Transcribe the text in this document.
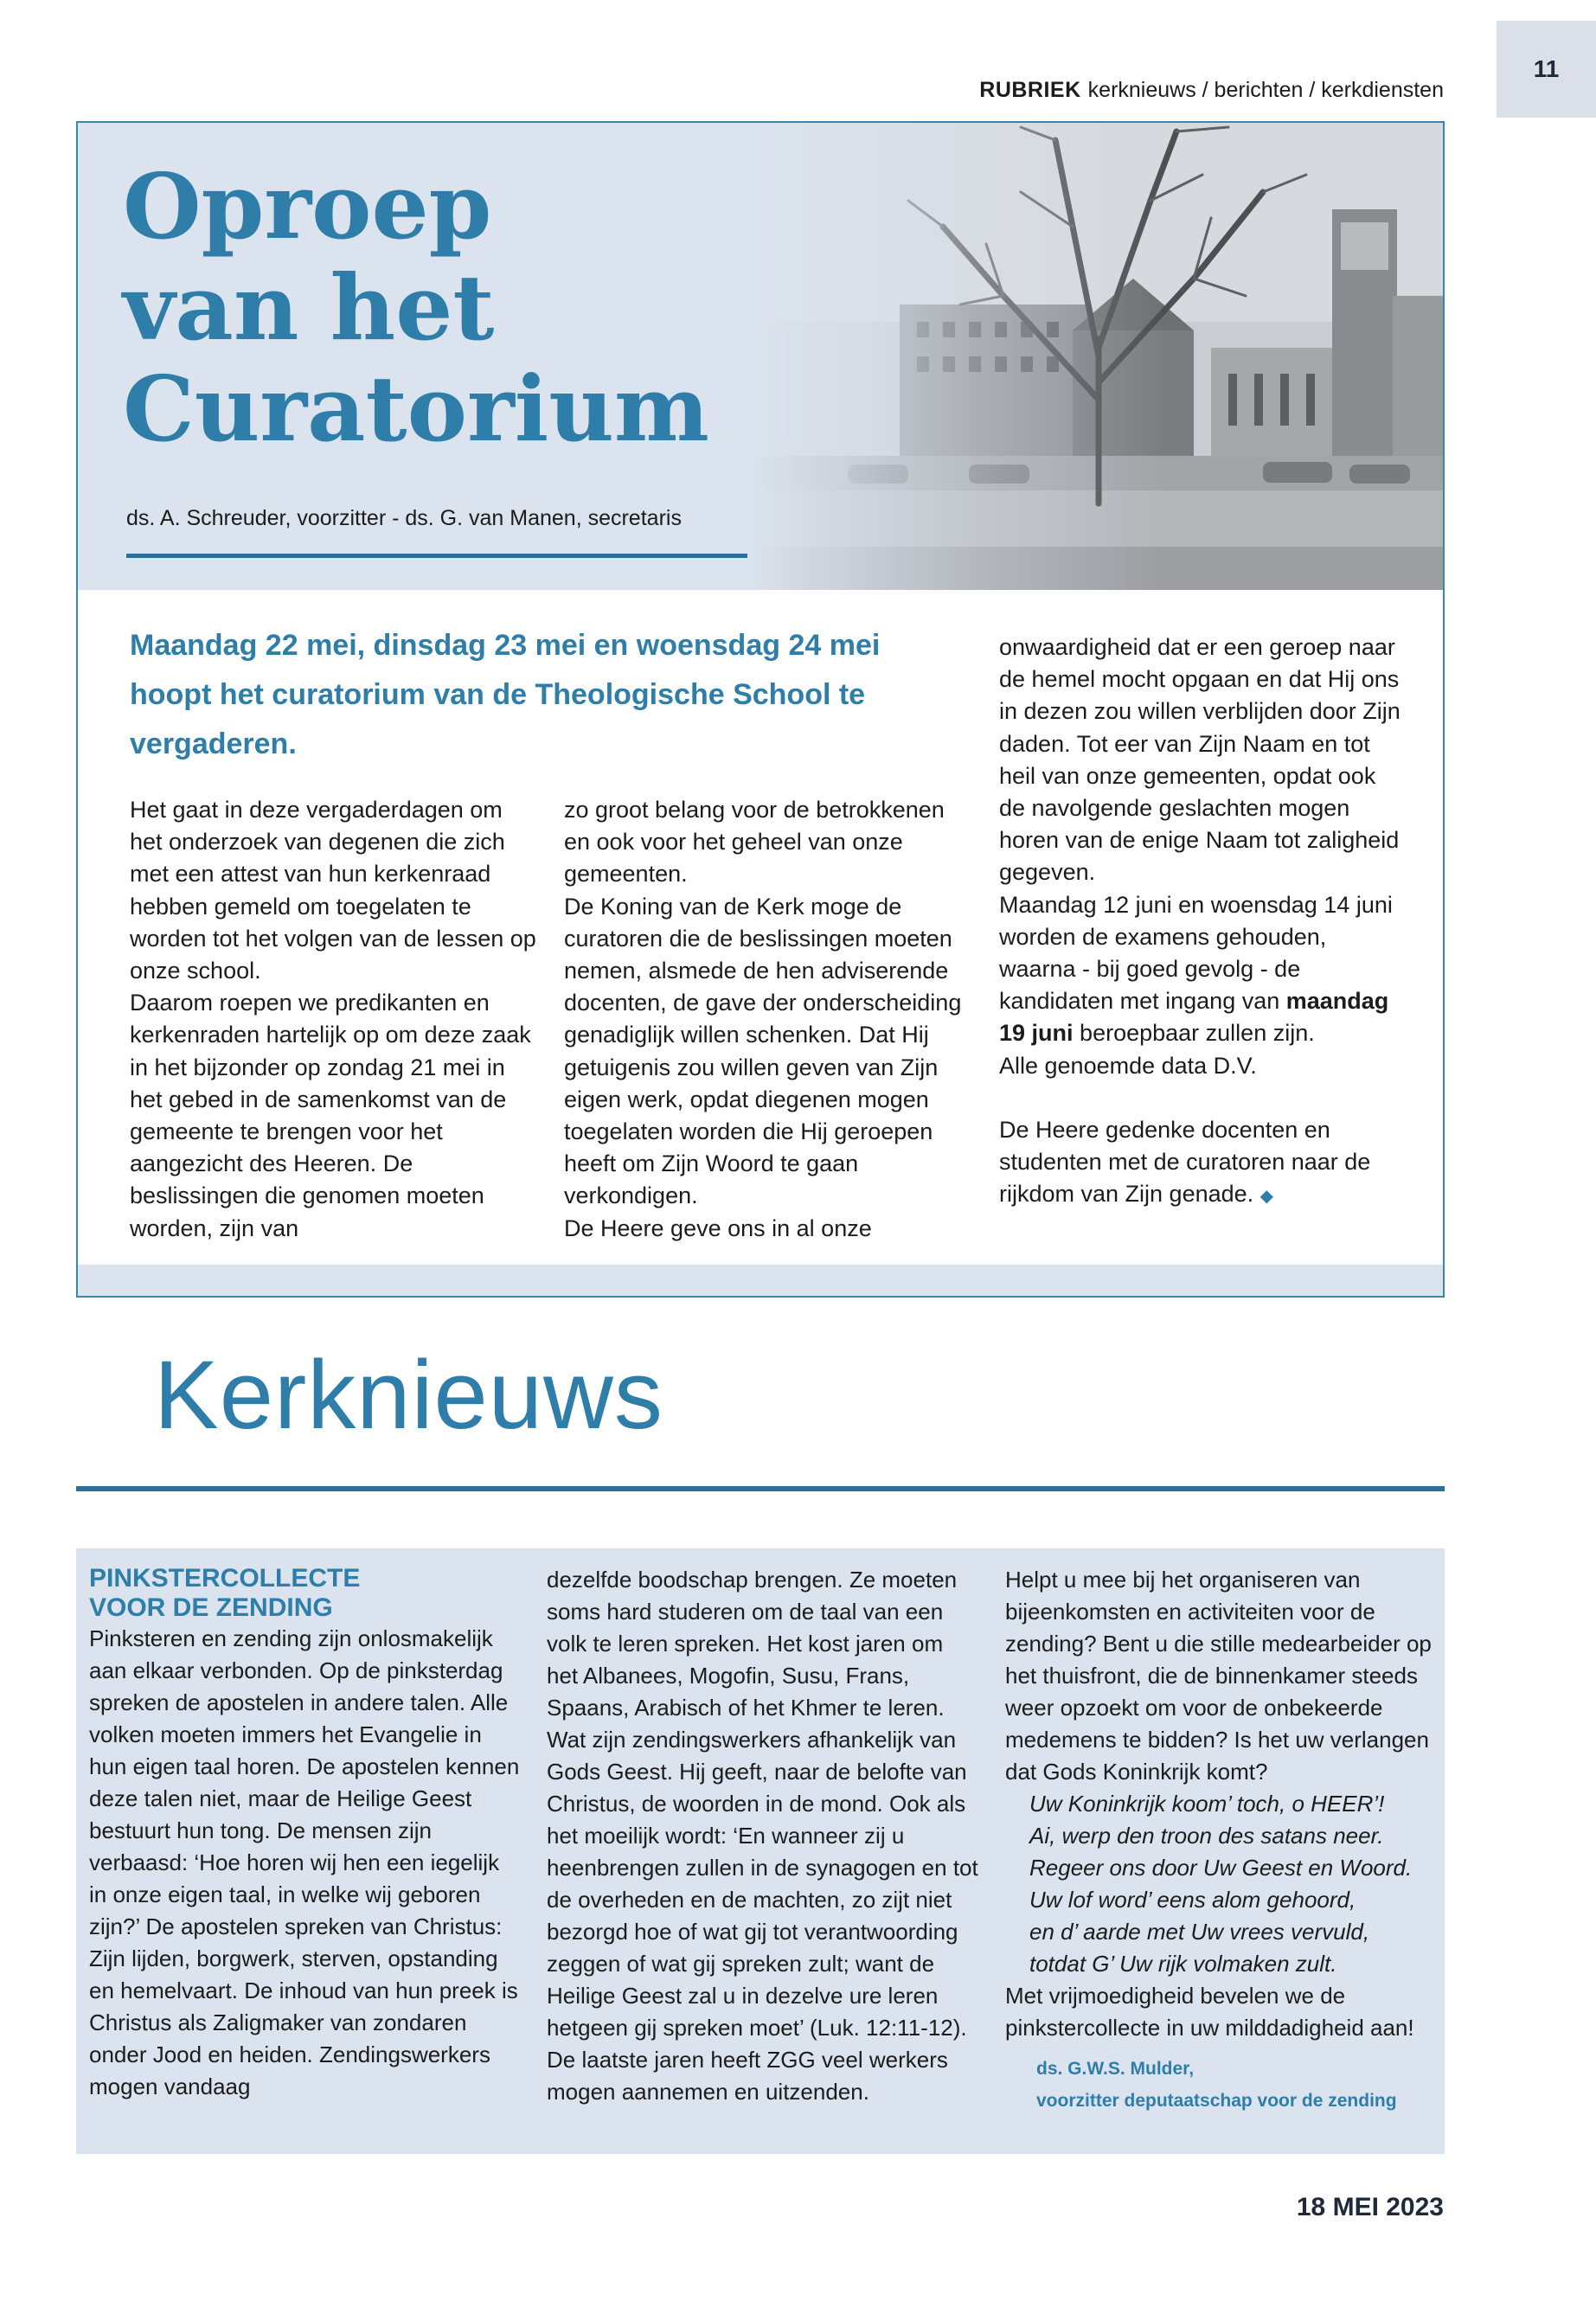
11
RUBRIEK kerknieuws / berichten / kerkdiensten
Oproep
van het
Curatorium
ds. A. Schreuder, voorzitter - ds. G. van Manen, secretaris
Maandag 22 mei, dinsdag 23 mei en woensdag 24 mei hoopt het curatorium van de Theologische School te vergaderen.

Het gaat in deze vergaderdagen om het onderzoek van degenen die zich met een attest van hun kerkenraad hebben gemeld om toegelaten te worden tot het volgen van de lessen op onze school.
Daarom roepen we predikanten en kerkenraden hartelijk op om deze zaak in het bijzonder op zondag 21 mei in het gebed in de samenkomst van de gemeente te brengen voor het aangezicht des Heeren. De beslissingen die genomen moeten worden, zijn van

zo groot belang voor de betrokkenen en ook voor het geheel van onze gemeenten.
De Koning van de Kerk moge de curatoren die de beslissingen moeten nemen, alsmede de hen adviserende docenten, de gave der onderscheiding genadiglijk willen schenken. Dat Hij getuigenis zou willen geven van Zijn eigen werk, opdat diegenen mogen toegelaten worden die Hij geroepen heeft om Zijn Woord te gaan verkondigen.
De Heere geve ons in al onze

onwaardigheid dat er een geroep naar de hemel mocht opgaan en dat Hij ons in dezen zou willen verblijden door Zijn daden. Tot eer van Zijn Naam en tot heil van onze gemeenten, opdat ook de navolgende geslachten mogen horen van de enige Naam tot zaligheid gegeven.
Maandag 12 juni en woensdag 14 juni worden de examens gehouden, waarna - bij goed gevolg - de kandidaten met ingang van maandag 19 juni beroepbaar zullen zijn.
Alle genoemde data D.V.

De Heere gedenke docenten en studenten met de curatoren naar de rijkdom van Zijn genade. ◆

Kerknieuws
PINKSTERCOLLECTE
VOOR DE ZENDING

Pinksteren en zending zijn onlosmakelijk aan elkaar verbonden. Op de pinksterdag spreken de apostelen in andere talen. Alle volken moeten immers het Evangelie in hun eigen taal horen. De apostelen kennen deze talen niet, maar de Heilige Geest bestuurt hun tong. De mensen zijn verbaasd: ‘Hoe horen wij hen een iegelijk in onze eigen taal, in welke wij geboren zijn?’ De apostelen spreken van Christus: Zijn lijden, borgwerk, sterven, opstanding en hemelvaart. De inhoud van hun preek is Christus als Zaligmaker van zondaren onder Jood en heiden. Zendingswerkers mogen vandaag

dezelfde boodschap brengen. Ze moeten soms hard studeren om de taal van een volk te leren spreken. Het kost jaren om het Albanees, Mogofin, Susu, Frans, Spaans, Arabisch of het Khmer te leren. Wat zijn zendingswerkers afhankelijk van Gods Geest. Hij geeft, naar de belofte van Christus, de woorden in de mond. Ook als het moeilijk wordt: ‘En wanneer zij u heenbrengen zullen in de synagogen en tot de overheden en de machten, zo zijt niet bezorgd hoe of wat gij tot verantwoording zeggen of wat gij spreken zult; want de Heilige Geest zal u in dezelve ure leren hetgeen gij spreken moet’ (Luk. 12:11-12).
De laatste jaren heeft ZGG veel werkers mogen aannemen en uitzenden.

Helpt u mee bij het organiseren van bijeenkomsten en activiteiten voor de zending? Bent u die stille medearbeider op het thuisfront, die de binnenkamer steeds weer opzoekt om voor de onbekeerde medemens te bidden? Is het uw verlangen dat Gods Koninkrijk komt?

Uw Koninkrijk koom’ toch, o HEER’!
Ai, werp den troon des satans neer.
Regeer ons door Uw Geest en Woord.
Uw lof word’ eens alom gehoord,
en d’ aarde met Uw vrees vervuld,
totdat G’ Uw rijk volmaken zult.

Met vrijmoedigheid bevelen we de pinkstercollecte in uw milddadigheid aan!

ds. G.W.S. Mulder,
voorzitter deputaatschap voor de zending
18 MEI 2023
